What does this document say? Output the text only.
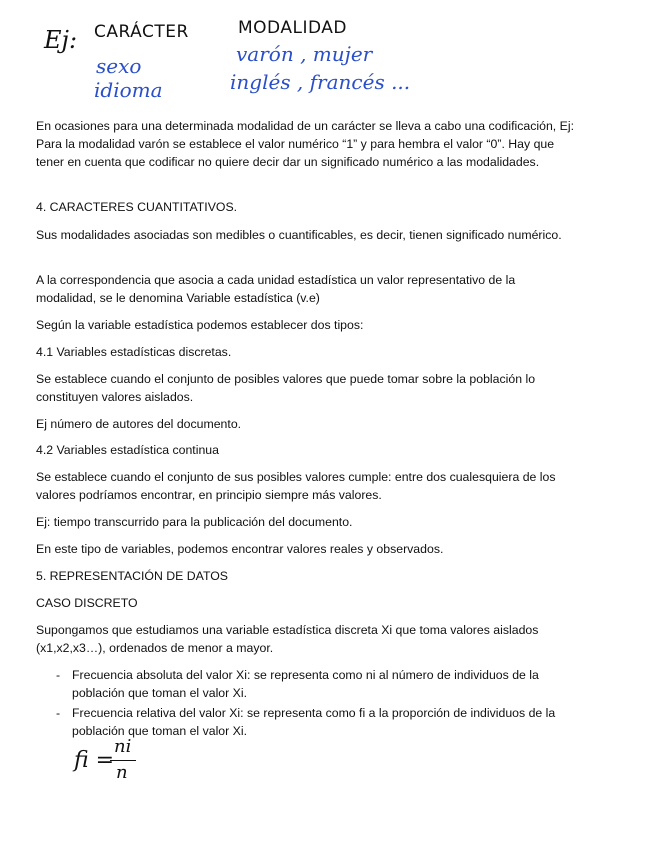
Ej: CARÁCTER	MODALIDAD
sexo
idioma
varón , mujer
inglés , francés ...

En ocasiones para una determinada modalidad de un carácter se lleva a cabo una codificación, Ej: Para la modalidad varón se establece el valor numérico “1” y para hembra el valor “0”. Hay que tener en cuenta que codificar no quiere decir dar un significado numérico a las modalidades.

4. CARACTERES CUANTITATIVOS.

Sus modalidades asociadas son medibles o cuantificables, es decir, tienen significado numérico.

A la correspondencia que asocia a cada unidad estadística un valor representativo de la modalidad, se le denomina Variable estadística (v.e)

Según la variable estadística podemos establecer dos tipos:

4.1 Variables estadísticas discretas.

Se establece cuando el conjunto de posibles valores que puede tomar sobre la población lo constituyen valores aislados.

Ej número de autores del documento.

4.2 Variables estadística continua

Se establece cuando el conjunto de sus posibles valores cumple: entre dos cualesquiera de los valores podríamos encontrar, en principio siempre más valores.

Ej: tiempo transcurrido para la publicación del documento.

En este tipo de variables, podemos encontrar valores reales y observados.

5. REPRESENTACIÓN DE DATOS

CASO DISCRETO

Supongamos que estudiamos una variable estadística discreta Xi que toma valores aislados (x1,x2,x3…), ordenados de menor a mayor.

- Frecuencia absoluta del valor Xi: se representa como ni al número de individuos de la población que toman el valor Xi.
- Frecuencia relativa del valor Xi: se representa como fi a la proporción de individuos de la población que toman el valor Xi.
fi =
ni
n
